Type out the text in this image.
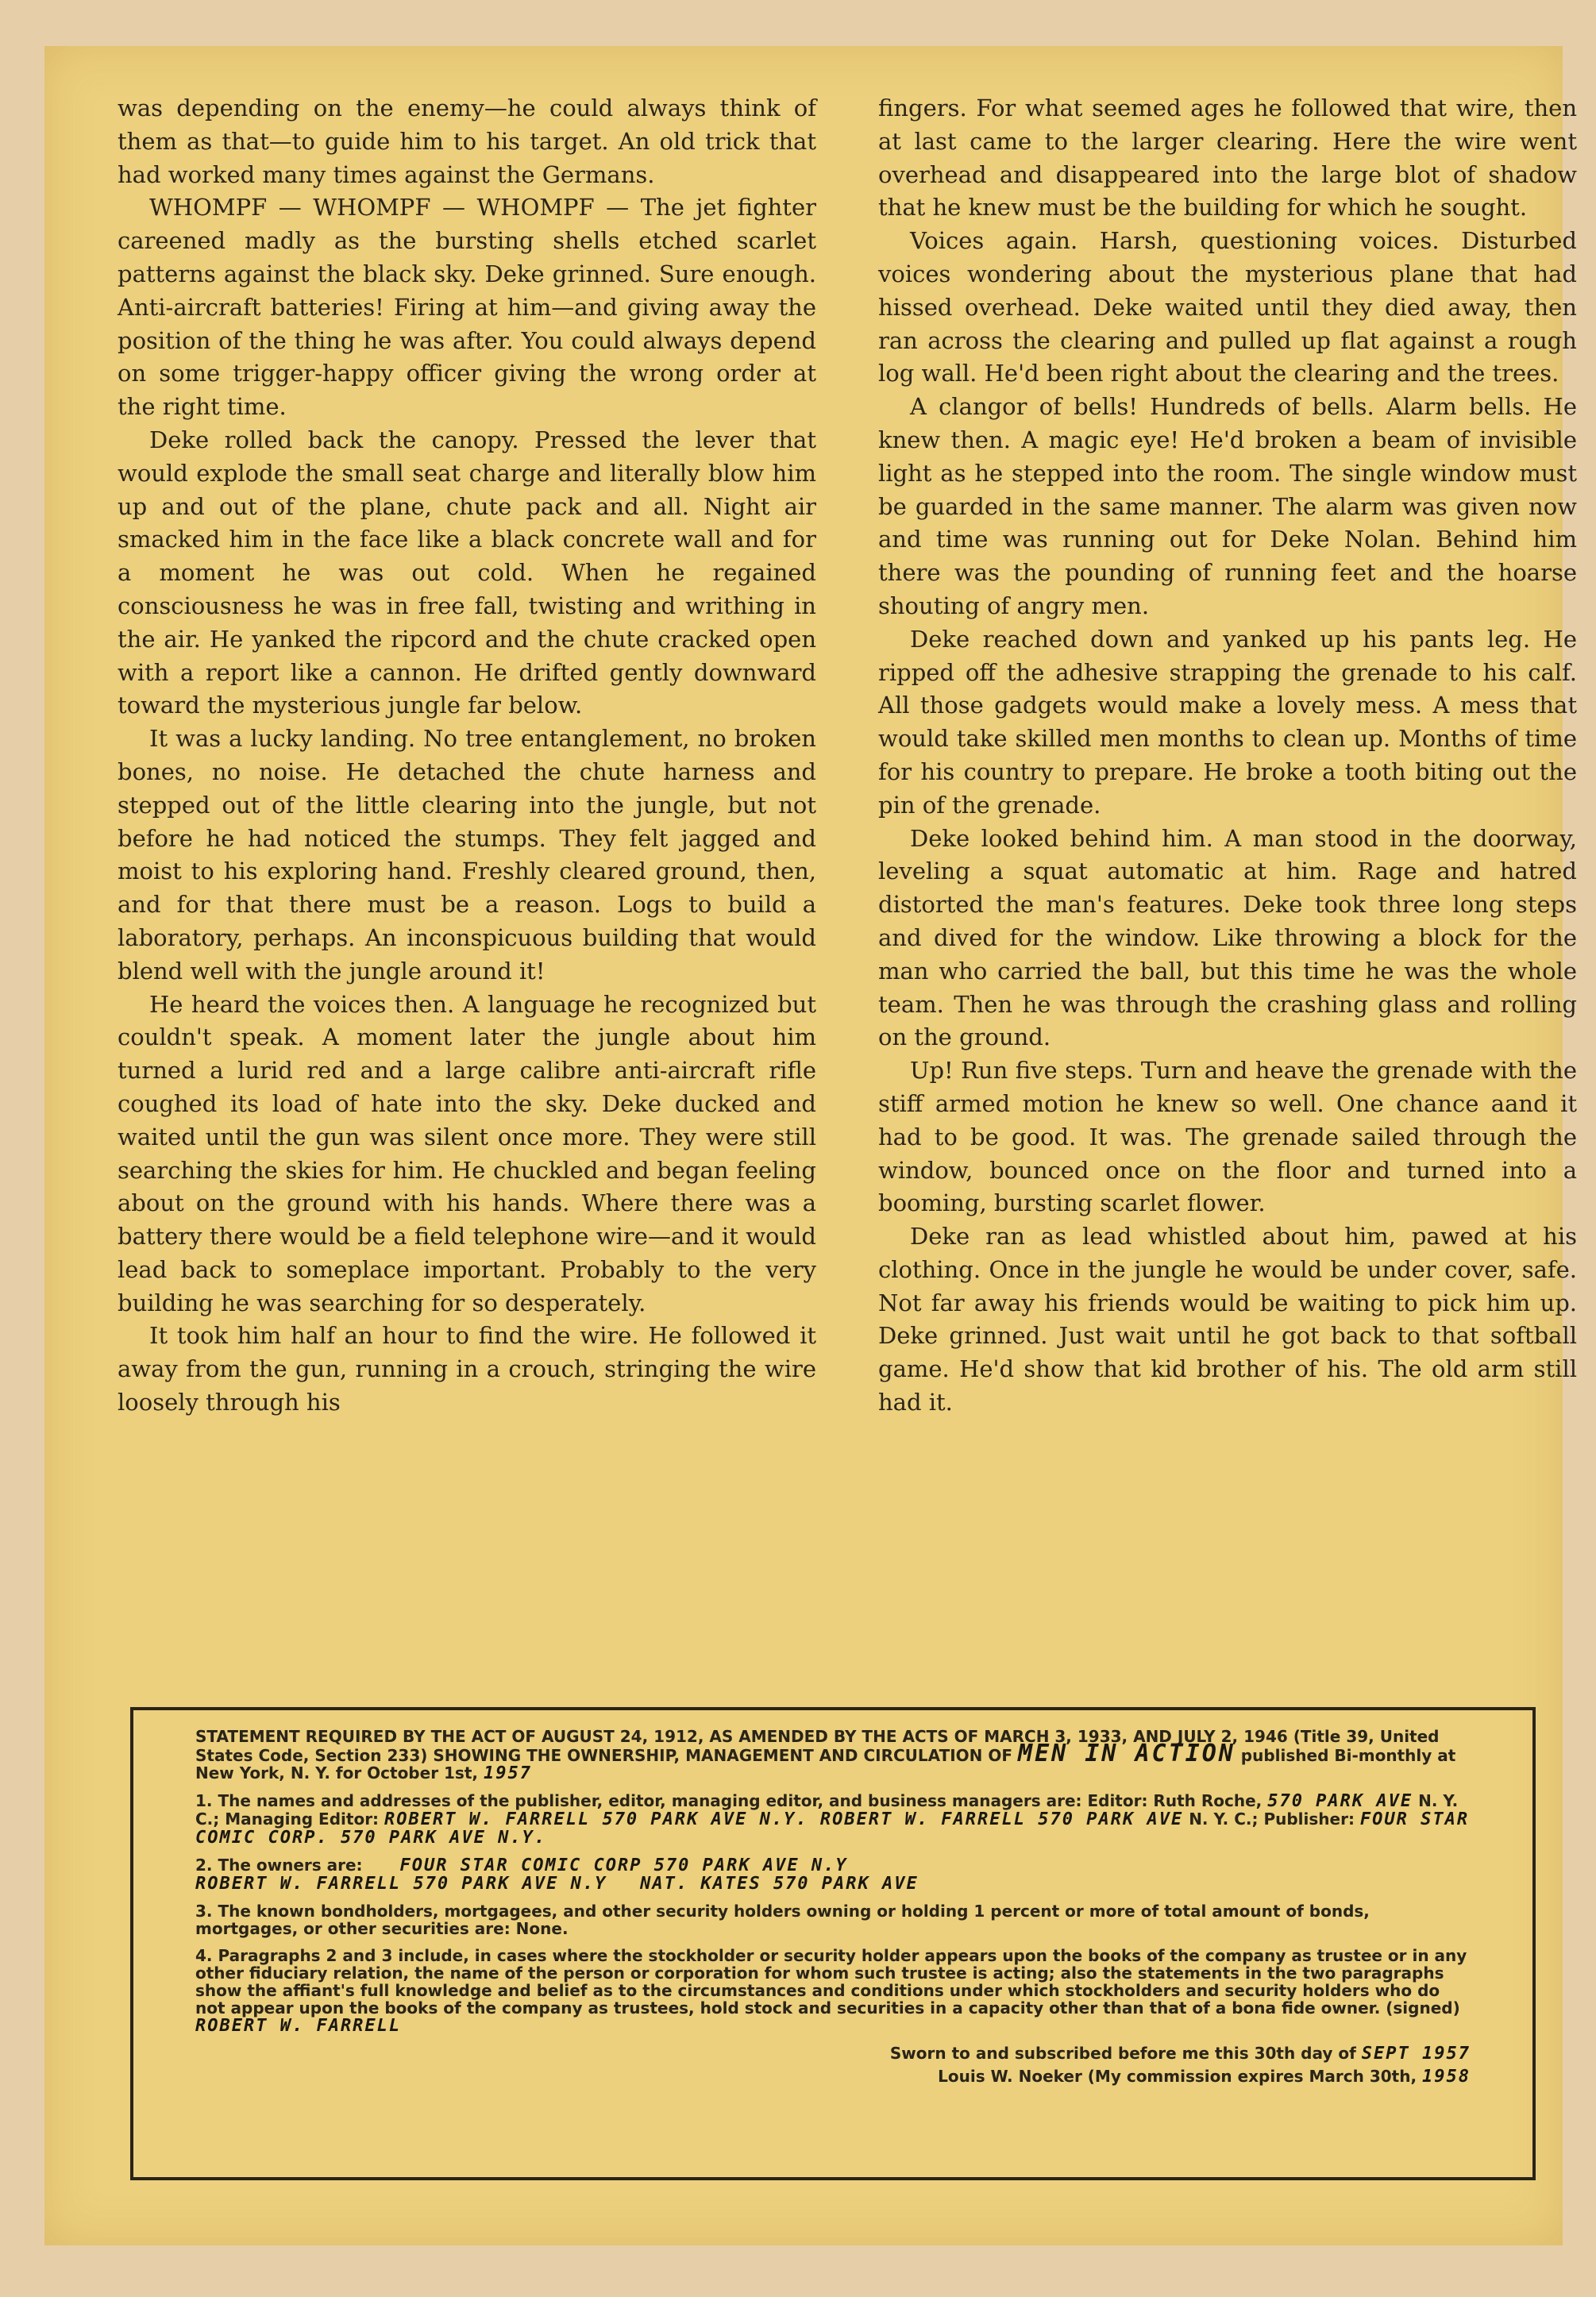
was depending on the enemy—he could always think of them as that—to guide him to his target. An old trick that had worked many times against the Germans.

WHOMPF — WHOMPF — WHOMPF — The jet fighter careened madly as the bursting shells etched scarlet patterns against the black sky. Deke grinned. Sure enough. Anti-aircraft batteries! Firing at him—and giving away the position of the thing he was after. You could always depend on some trigger-happy officer giving the wrong order at the right time.

Deke rolled back the canopy. Pressed the lever that would explode the small seat charge and literally blow him up and out of the plane, chute pack and all. Night air smacked him in the face like a black concrete wall and for a moment he was out cold. When he regained consciousness he was in free fall, twisting and writhing in the air. He yanked the ripcord and the chute cracked open with a report like a cannon. He drifted gently downward toward the mysterious jungle far below.

It was a lucky landing. No tree entanglement, no broken bones, no noise. He detached the chute harness and stepped out of the little clearing into the jungle, but not before he had noticed the stumps. They felt jagged and moist to his exploring hand. Freshly cleared ground, then, and for that there must be a reason. Logs to build a laboratory, perhaps. An inconspicuous building that would blend well with the jungle around it!

He heard the voices then. A language he recognized but couldn't speak. A moment later the jungle about him turned a lurid red and a large calibre anti-aircraft rifle coughed its load of hate into the sky. Deke ducked and waited until the gun was silent once more. They were still searching the skies for him. He chuckled and began feeling about on the ground with his hands. Where there was a battery there would be a field telephone wire—and it would lead back to someplace important. Probably to the very building he was searching for so desperately.

It took him half an hour to find the wire. He followed it away from the gun, running in a crouch, stringing the wire loosely through his

fingers. For what seemed ages he followed that wire, then at last came to the larger clearing. Here the wire went overhead and disappeared into the large blot of shadow that he knew must be the building for which he sought.

Voices again. Harsh, questioning voices. Disturbed voices wondering about the mysterious plane that had hissed overhead. Deke waited until they died away, then ran across the clearing and pulled up flat against a rough log wall. He'd been right about the clearing and the trees.

A clangor of bells! Hundreds of bells. Alarm bells. He knew then. A magic eye! He'd broken a beam of invisible light as he stepped into the room. The single window must be guarded in the same manner. The alarm was given now and time was running out for Deke Nolan. Behind him there was the pounding of running feet and the hoarse shouting of angry men.

Deke reached down and yanked up his pants leg. He ripped off the adhesive strapping the grenade to his calf. All those gadgets would make a lovely mess. A mess that would take skilled men months to clean up. Months of time for his country to prepare. He broke a tooth biting out the pin of the grenade.

Deke looked behind him. A man stood in the doorway, leveling a squat automatic at him. Rage and hatred distorted the man's features. Deke took three long steps and dived for the window. Like throwing a block for the man who carried the ball, but this time he was the whole team. Then he was through the crashing glass and rolling on the ground.

Up! Run five steps. Turn and heave the grenade with the stiff armed motion he knew so well. One chance aand it had to be good. It was. The grenade sailed through the window, bounced once on the floor and turned into a booming, bursting scarlet flower.

Deke ran as lead whistled about him, pawed at his clothing. Once in the jungle he would be under cover, safe. Not far away his friends would be waiting to pick him up. Deke grinned. Just wait until he got back to that softball game. He'd show that kid brother of his. The old arm still had it.

STATEMENT REQUIRED BY THE ACT OF AUGUST 24, 1912, AS AMENDED BY THE ACTS OF MARCH 3, 1933, AND JULY 2, 1946 (Title 39, United States Code, Section 233) SHOWING THE OWNERSHIP, MANAGEMENT AND CIRCULATION OF MEN IN ACTION published Bi-monthly at New York, N. Y. for October 1st, 1957
1. The names and addresses of the publisher, editor, managing editor, and business managers are: Editor: Ruth Roche, 570 PARK AVE N. Y. C.; Managing Editor: ROBERT W. FARRELL 570 PARK AVE N.Y. ROBERT W. FARRELL 570 PARK AVE N. Y. C.; Publisher: FOUR STAR COMIC CORP. 570 PARK AVE N.Y.
2. The owners are: FOUR STAR COMIC CORP 570 PARK AVE N.Y
ROBERT W. FARRELL 570 PARK AVE N.Y NAT. KATES 570 PARK AVE
3. The known bondholders, mortgagees, and other security holders owning or holding 1 percent or more of total amount of bonds, mortgages, or other securities are: None.
4. Paragraphs 2 and 3 include, in cases where the stockholder or security holder appears upon the books of the company as trustee or in any other fiduciary relation, the name of the person or corporation for whom such trustee is acting; also the statements in the two paragraphs show the affiant's full knowledge and belief as to the circumstances and conditions under which stockholders and security holders who do not appear upon the books of the company as trustees, hold stock and securities in a capacity other than that of a bona fide owner. (signed) ROBERT W. FARRELL
Sworn to and subscribed before me this 30th day of SEPT 1957
Louis W. Noeker (My commission expires March 30th, 1958
